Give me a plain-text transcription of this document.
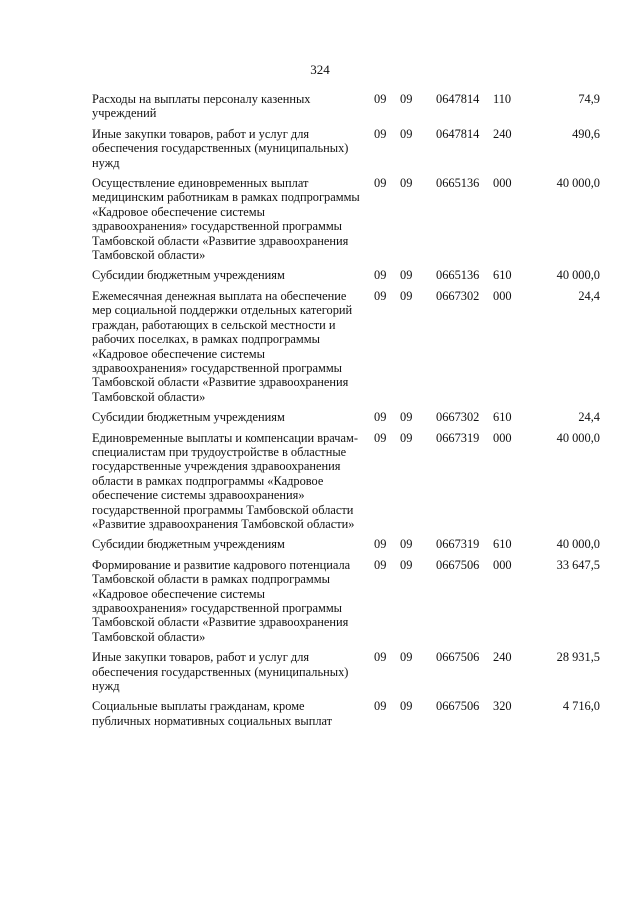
324
Расходы на выплаты персоналу казенных учреждений
09 09 0647814 110	74,9
Иные закупки товаров, работ и услуг для обеспечения государственных (муниципальных) нужд
09 09 0647814 240	490,6
Осуществление единовременных выплат медицинским работникам в рамках подпрограммы «Кадровое обеспечение системы здравоохранения» государственной программы Тамбовской области «Развитие здравоохранения Тамбовской области»
09 09 0665136 000	40 000,0
Субсидии бюджетным учреждениям	09 09 0665136 610	40 000,0
Ежемесячная денежная выплата на обеспечение мер социальной поддержки отдельных категорий граждан, работающих в сельской местности и рабочих поселках, в рамках подпрограммы «Кадровое обеспечение системы здравоохранения» государственной программы Тамбовской области «Развитие здравоохранения Тамбовской области»
09 09 0667302 000	24,4
Субсидии бюджетным учреждениям	09 09 0667302 610	24,4
Единовременные выплаты и компенсации врачам-специалистам при трудоустройстве в областные государственные учреждения здравоохранения области в рамках подпрограммы «Кадровое обеспечение системы здравоохранения» государственной программы Тамбовской области «Развитие здравоохранения Тамбовской области»
09 09 0667319 000	40 000,0
Субсидии бюджетным учреждениям	09 09 0667319 610	40 000,0
Формирование и развитие кадрового потенциала Тамбовской области в рамках подпрограммы «Кадровое обеспечение системы здравоохранения» государственной программы Тамбовской области «Развитие здравоохранения Тамбовской области»
09 09 0667506 000	33 647,5
Иные закупки товаров, работ и услуг для обеспечения государственных (муниципальных) нужд
09 09 0667506 240	28 931,5
Социальные выплаты гражданам, кроме публичных нормативных социальных выплат
09 09 0667506 320	4 716,0
